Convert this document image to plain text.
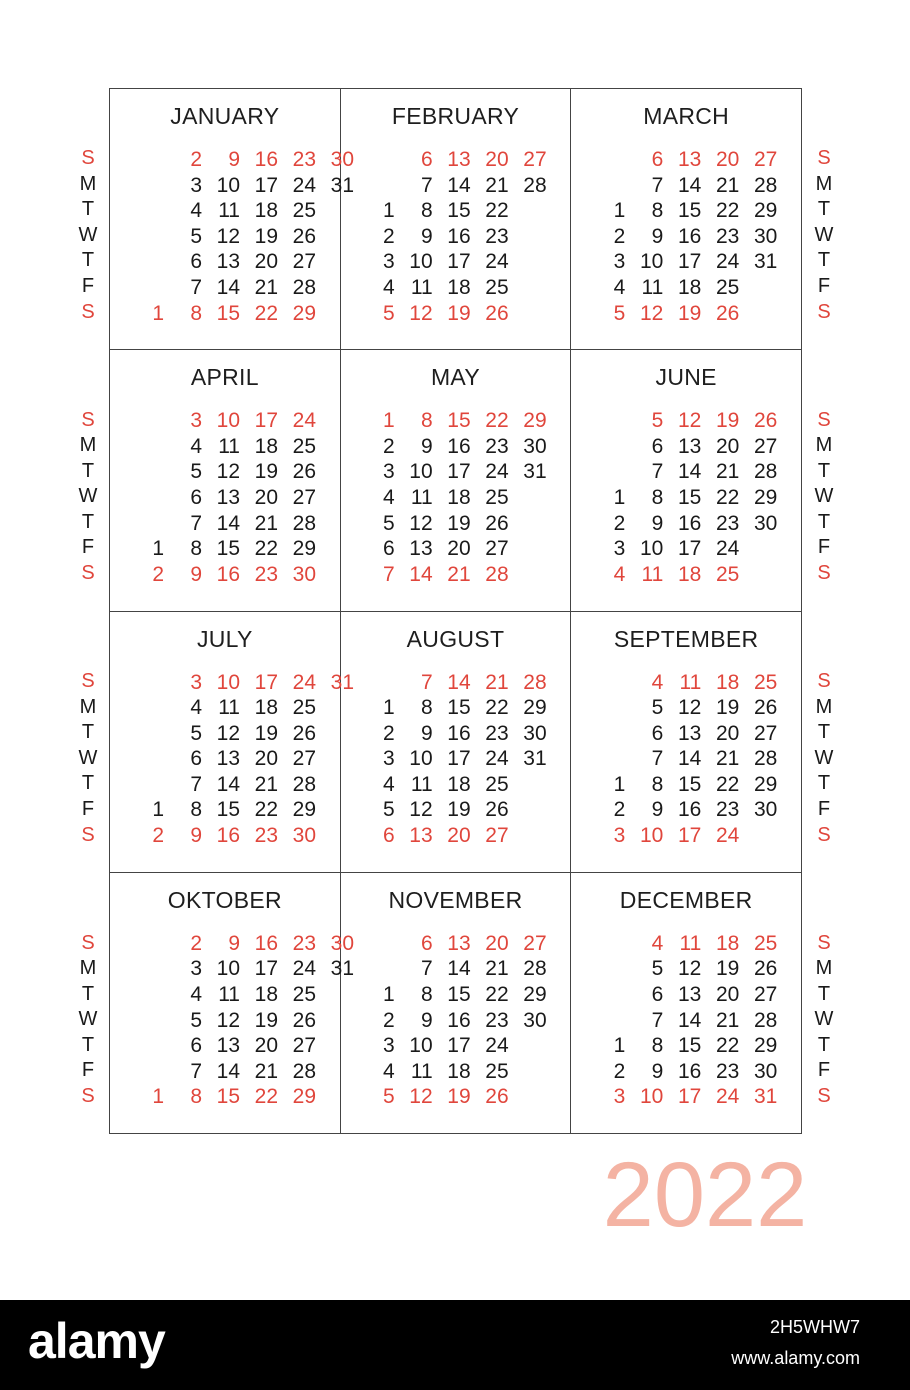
S
M
T
W
T
F
S
S
M
T
W
T
F
S
S
M
T
W
T
F
S
S
M
T
W
T
F
S
S
M
T
W
T
F
S
S
M
T
W
T
F
S
S
M
T
W
T
F
S
S
M
T
W
T
F
S
JANUARY
1
2
3
4
5
6
7
8
9
10
11
12
13
14
15
16
17
18
19
20
21
22
23
24
25
26
27
28
29
30
31
FEBRUARY
1
2
3
4
5
6
7
8
9
10
11
12
13
14
15
16
17
18
19
20
21
22
23
24
25
26
27
28
MARCH
1
2
3
4
5
6
7
8
9
10
11
12
13
14
15
16
17
18
19
20
21
22
23
24
25
26
27
28
29
30
31
APRIL
1
2
3
4
5
6
7
8
9
10
11
12
13
14
15
16
17
18
19
20
21
22
23
24
25
26
27
28
29
30
MAY
1
2
3
4
5
6
7
8
9
10
11
12
13
14
15
16
17
18
19
20
21
22
23
24
25
26
27
28
29
30
31
JUNE
1
2
3
4
5
6
7
8
9
10
11
12
13
14
15
16
17
18
19
20
21
22
23
24
25
26
27
28
29
30
JULY
1
2
3
4
5
6
7
8
9
10
11
12
13
14
15
16
17
18
19
20
21
22
23
24
25
26
27
28
29
30
31
AUGUST
1
2
3
4
5
6
7
8
9
10
11
12
13
14
15
16
17
18
19
20
21
22
23
24
25
26
27
28
29
30
31
SEPTEMBER
1
2
3
4
5
6
7
8
9
10
11
12
13
14
15
16
17
18
19
20
21
22
23
24
25
26
27
28
29
30
OKTOBER
1
2
3
4
5
6
7
8
9
10
11
12
13
14
15
16
17
18
19
20
21
22
23
24
25
26
27
28
29
30
31
NOVEMBER
1
2
3
4
5
6
7
8
9
10
11
12
13
14
15
16
17
18
19
20
21
22
23
24
25
26
27
28
29
30
DECEMBER
1
2
3
4
5
6
7
8
9
10
11
12
13
14
15
16
17
18
19
20
21
22
23
24
25
26
27
28
29
30
31
2022
alamy	2H5WHW7
www.alamy.com
